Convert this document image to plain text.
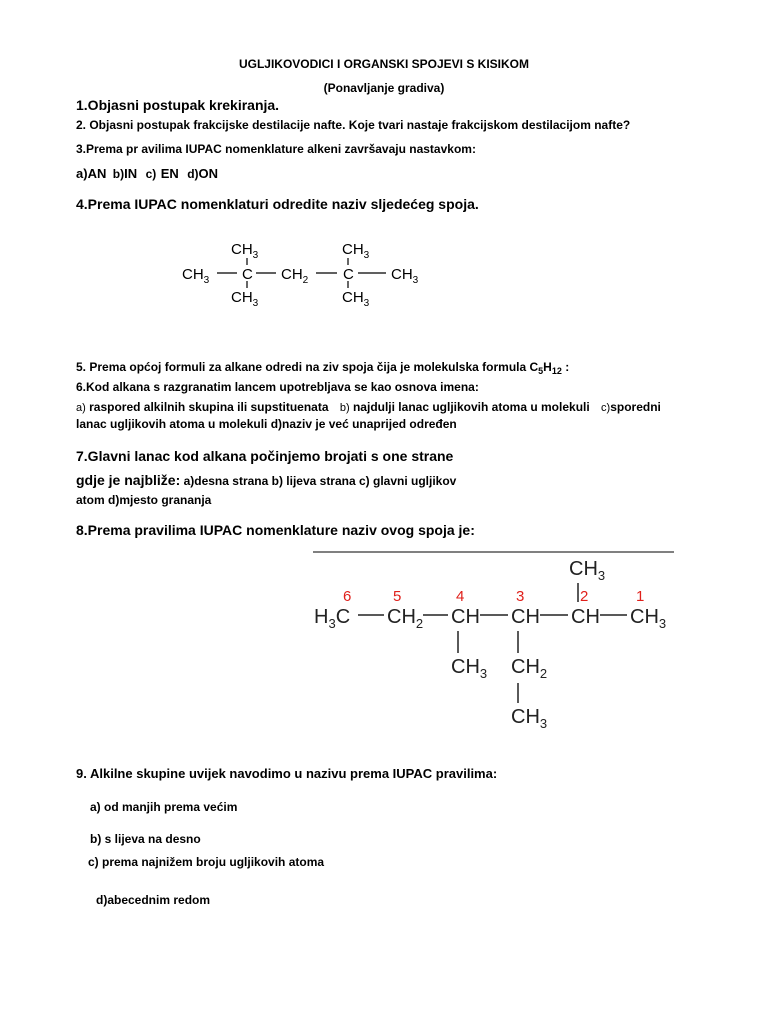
UGLJIKOVODICI I ORGANSKI SPOJEVI S KISIKOM
(Ponavljanje gradiva)
1.Objasni postupak krekiranja.
2. Objasni postupak frakcijske destilacije nafte. Koje tvari nastaje frakcijskom destilacijom nafte?
3.Prema pr avilima IUPAC nomenklature alkeni završavaju nastavkom:
a)AN b)IN c) EN d)ON
4.Prema IUPAC nomenklaturi odredite naziv sljedećeg spoja.
$CH_3$	$CH_3$
$CH_3$ C $CH_2$ C $CH_3$
$CH_3$	$CH_3$
5. Prema općoj formuli za alkane odredi na ziv spoja čija je molekulska formula $C_5H_{12}$ :
6.Kod alkana s razgranatim lancem upotrebljava se kao osnova imena:
a) raspored alkilnih skupina ili supstituenata b) najdulji lanac ugljikovih atoma u molekuli c)sporedni
lanac ugljikovih atoma u molekuli d)naziv je već unaprijed određen
7.Glavni lanac kod alkana počinjemo brojati s one strane
gdje je najbliže: a)desna strana b) lijeva strana c) glavni ugljikov
atom d)mjesto grananja
8.Prema pravilima IUPAC nomenklature naziv ovog spoja je:
$CH_3$
$H_3C$ $CH_2$ CH CH CH $CH_3$
$CH_3$ $CH_2$
$CH_3$
6	5	4	3	2	1
9. Alkilne skupine uvijek navodimo u nazivu prema IUPAC pravilima:
a) od manjih prema većim
b) s lijeva na desno
c) prema najnižem broju ugljikovih atoma
d)abecednim redom
